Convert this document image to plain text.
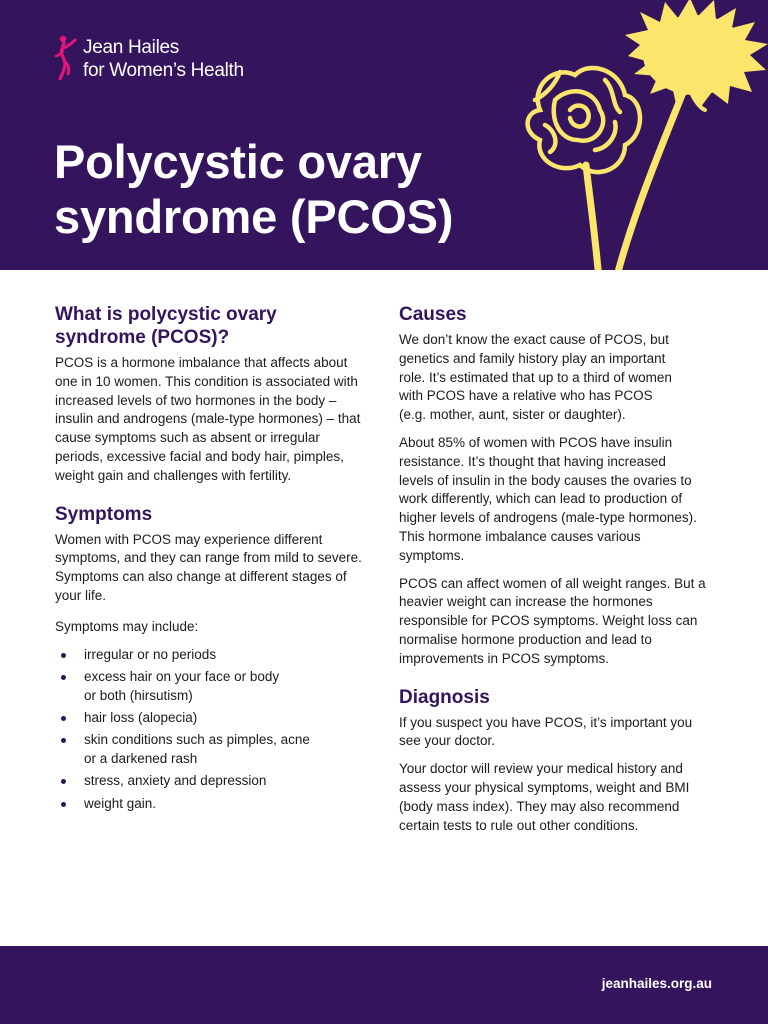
Jean Hailes
for Women’s Health
Polycystic ovary syndrome (PCOS)
What is polycystic ovary syndrome (PCOS)?

PCOS is a hormone imbalance that affects about one in 10 women. This condition is associated with increased levels of two hormones in the body – insulin and androgens (male-type hormones) – that cause symptoms such as absent or irregular periods, excessive facial and body hair, pimples, weight gain and challenges with fertility.

Symptoms

Women with PCOS may experience different symptoms, and they can range from mild to severe. Symptoms can also change at different stages of your life.

Symptoms may include:

irregular or no periods
excess hair on your face or body or both (hirsutism)
hair loss (alopecia)
skin conditions such as pimples, acne or a darkened rash
stress, anxiety and depression
weight gain.
Causes

We don’t know the exact cause of PCOS, but genetics and family history play an important role. It’s estimated that up to a third of women with PCOS have a relative who has PCOS (e.g. mother, aunt, sister or daughter).

About 85% of women with PCOS have insulin resistance. It’s thought that having increased levels of insulin in the body causes the ovaries to work differently, which can lead to production of higher levels of androgens (male-type hormones). This hormone imbalance causes various symptoms.

PCOS can affect women of all weight ranges. But a heavier weight can increase the hormones responsible for PCOS symptoms. Weight loss can normalise hormone production and lead to improvements in PCOS symptoms.

Diagnosis

If you suspect you have PCOS, it’s important you see your doctor.

Your doctor will review your medical history and assess your physical symptoms, weight and BMI (body mass index). They may also recommend certain tests to rule out other conditions.

jeanhailes.org.au
